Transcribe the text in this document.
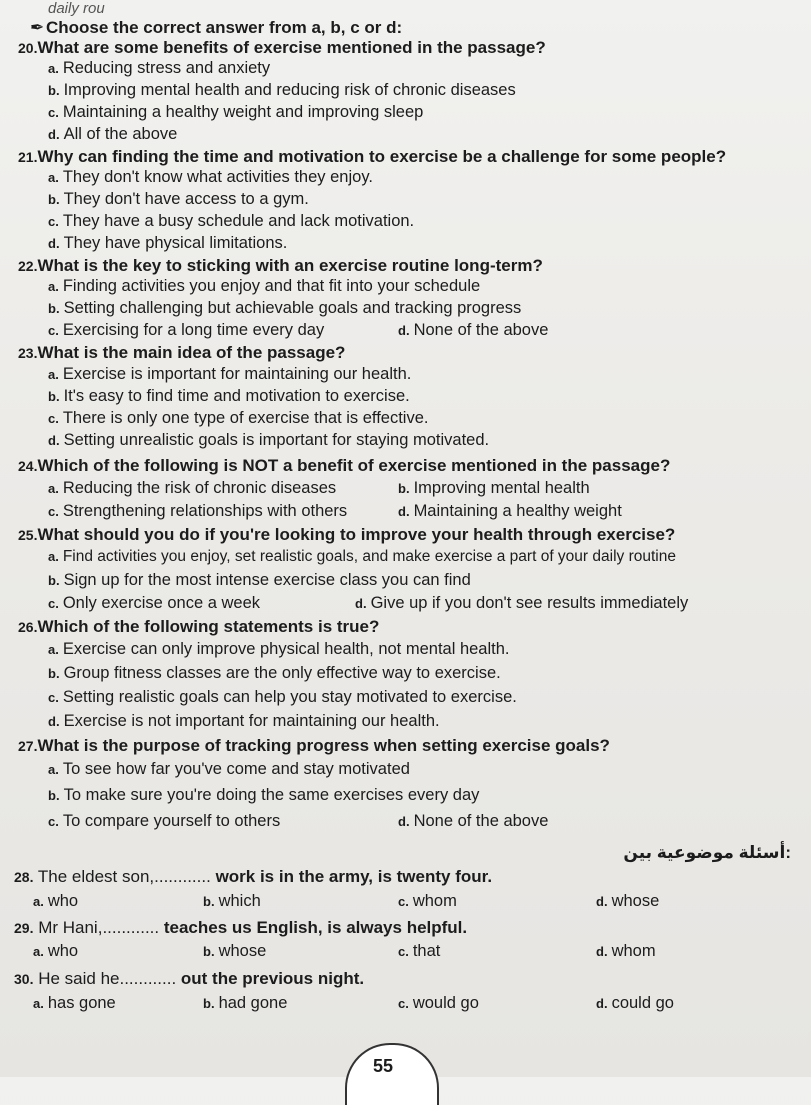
daily rou
✒ Choose the correct answer from a, b, c or d:
20.What are some benefits of exercise mentioned in the passage?
a. Reducing stress and anxiety
b. Improving mental health and reducing risk of chronic diseases
c. Maintaining a healthy weight and improving sleep
d. All of the above
21.Why can finding the time and motivation to exercise be a challenge for some people?
a. They don't know what activities they enjoy.
b. They don't have access to a gym.
c. They have a busy schedule and lack motivation.
d. They have physical limitations.
22.What is the key to sticking with an exercise routine long-term?
a. Finding activities you enjoy and that fit into your schedule
b. Setting challenging but achievable goals and tracking progress
c. Exercising for a long time every day	d. None of the above
23.What is the main idea of the passage?
a. Exercise is important for maintaining our health.
b. It's easy to find time and motivation to exercise.
c. There is only one type of exercise that is effective.
d. Setting unrealistic goals is important for staying motivated.
24.Which of the following is NOT a benefit of exercise mentioned in the passage?
a. Reducing the risk of chronic diseases	b. Improving mental health
c. Strengthening relationships with others	d. Maintaining a healthy weight
25.What should you do if you're looking to improve your health through exercise?
a. Find activities you enjoy, set realistic goals, and make exercise a part of your daily routine
b. Sign up for the most intense exercise class you can find
c. Only exercise once a week	d. Give up if you don't see results immediately
26.Which of the following statements is true?
a. Exercise can only improve physical health, not mental health.
b. Group fitness classes are the only effective way to exercise.
c. Setting realistic goals can help you stay motivated to exercise.
d. Exercise is not important for maintaining our health.
27.What is the purpose of tracking progress when setting exercise goals?
a. To see how far you've come and stay motivated
b. To make sure you're doing the same exercises every day
c. To compare yourself to others	d. None of the above
:أسئلة موضوعية بين
28. The eldest son,............ work is in the army, is twenty four.
a. who	b. which	c. whom	d. whose
29. Mr Hani,............ teaches us English, is always helpful.
a. who	b. whose	c. that	d. whom
30. He said he............ out the previous night.
a. has gone	b. had gone	c. would go	d. could go
55
